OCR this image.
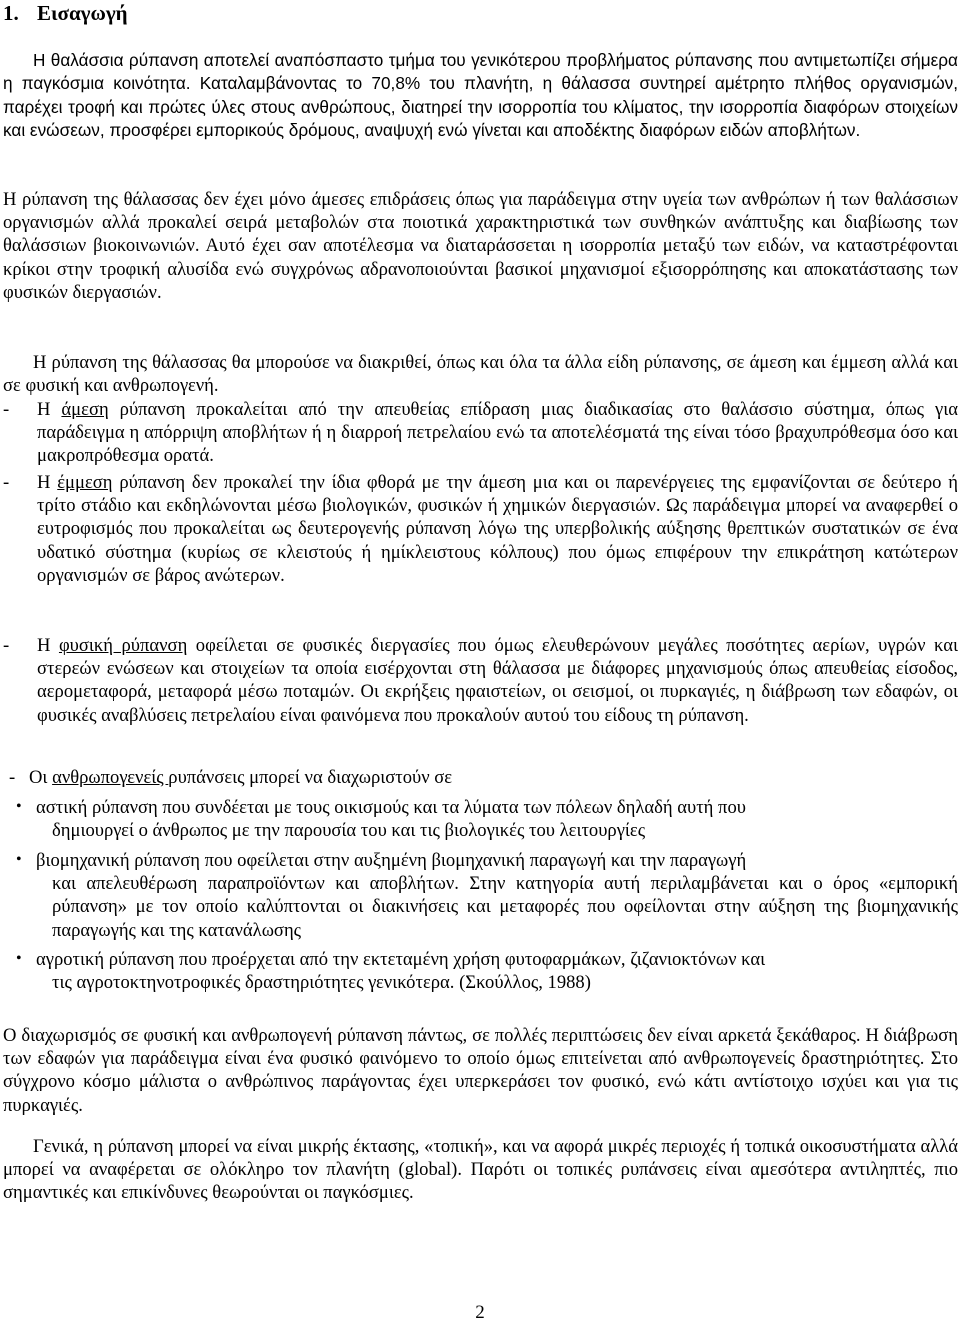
1. Εισαγωγή

Η θαλάσσια ρύπανση αποτελεί αναπόσπαστο τμήμα του γενικότερου προβλήματος ρύπανσης που αντιμετωπίζει σήμερα η παγκόσμια κοινότητα. Καταλαμβάνοντας το 70,8% του πλανήτη, η θάλασσα συντηρεί αμέτρητο πλήθος οργανισμών, παρέχει τροφή και πρώτες ύλες στους ανθρώπους, διατηρεί την ισορροπία του κλίματος, την ισορροπία διαφόρων στοιχείων και ενώσεων, προσφέρει εμπορικούς δρόμους, αναψυχή ενώ γίνεται και αποδέκτης διαφόρων ειδών αποβλήτων.

Η ρύπανση της θάλασσας δεν έχει μόνο άμεσες επιδράσεις όπως για παράδειγμα στην υγεία των ανθρώπων ή των θαλάσσιων οργανισμών αλλά προκαλεί σειρά μεταβολών στα ποιοτικά χαρακτηριστικά των συνθηκών ανάπτυξης και διαβίωσης των θαλάσσιων βιοκοινωνιών. Αυτό έχει σαν αποτέλεσμα να διαταράσσεται η ισορροπία μεταξύ των ειδών, να καταστρέφονται κρίκοι στην τροφική αλυσίδα ενώ συγχρόνως αδρανοποιούνται βασικοί μηχανισμοί εξισορρόπησης και αποκατάστασης των φυσικών διεργασιών.

Η ρύπανση της θάλασσας θα μπορούσε να διακριθεί, όπως και όλα τα άλλα είδη ρύπανσης, σε άμεση και έμμεση αλλά και σε φυσική και ανθρωπογενή.

- Η άμεση ρύπανση προκαλείται από την απευθείας επίδραση μιας διαδικασίας στο θαλάσσιο σύστημα, όπως για παράδειγμα η απόρριψη αποβλήτων ή η διαρροή πετρελαίου ενώ τα αποτελέσματά της είναι τόσο βραχυπρόθεσμα όσο και μακροπρόθεσμα ορατά.
- Η έμμεση ρύπανση δεν προκαλεί την ίδια φθορά με την άμεση μια και οι παρενέργειες της εμφανίζονται σε δεύτερο ή τρίτο στάδιο και εκδηλώνονται μέσω βιολογικών, φυσικών ή χημικών διεργασιών. Ως παράδειγμα μπορεί να αναφερθεί ο ευτροφισμός που προκαλείται ως δευτερογενής ρύπανση λόγω της υπερβολικής αύξησης θρεπτικών συστατικών σε ένα υδατικό σύστημα (κυρίως σε κλειστούς ή ημίκλειστους κόλπους) που όμως επιφέρουν την επικράτηση κατώτερων οργανισμών σε βάρος ανώτερων.
- Η φυσική ρύπανση οφείλεται σε φυσικές διεργασίες που όμως ελευθερώνουν μεγάλες ποσότητες αερίων, υγρών και στερεών ενώσεων και στοιχείων τα οποία εισέρχονται στη θάλασσα με διάφορες μηχανισμούς όπως απευθείας είσοδος, αερομεταφορά, μεταφορά μέσω ποταμών. Οι εκρήξεις ηφαιστείων, οι σεισμοί, οι πυρκαγιές, η διάβρωση των εδαφών, οι φυσικές αναβλύσεις πετρελαίου είναι φαινόμενα που προκαλούν αυτού του είδους τη ρύπανση.
- Οι ανθρωπογενείς ρυπάνσεις μπορεί να διαχωριστούν σε
• αστική ρύπανση που συνδέεται με τους οικισμούς και τα λύματα των πόλεων δηλαδή αυτή που
δημιουργεί ο άνθρωπος με την παρουσία του και τις βιολογικές του λειτουργίες
• βιομηχανική ρύπανση που οφείλεται στην αυξημένη βιομηχανική παραγωγή και την παραγωγή
και απελευθέρωση παραπροϊόντων και αποβλήτων. Στην κατηγορία αυτή περιλαμβάνεται και ο όρος «εμπορική ρύπανση» με τον οποίο καλύπτονται οι διακινήσεις και μεταφορές που οφείλονται στην αύξηση της βιομηχανικής παραγωγής και της κατανάλωσης
• αγροτική ρύπανση που προέρχεται από την εκτεταμένη χρήση φυτοφαρμάκων, ζιζανιοκτόνων και
τις αγροτοκτηνοτροφικές δραστηριότητες γενικότερα. (Σκούλλος, 1988)

Ο διαχωρισμός σε φυσική και ανθρωπογενή ρύπανση πάντως, σε πολλές περιπτώσεις δεν είναι αρκετά ξεκάθαρος. Η διάβρωση των εδαφών για παράδειγμα είναι ένα φυσικό φαινόμενο το οποίο όμως επιτείνεται από ανθρωπογενείς δραστηριότητες. Στο σύγχρονο κόσμο μάλιστα ο ανθρώπινος παράγοντας έχει υπερκεράσει τον φυσικό, ενώ κάτι αντίστοιχο ισχύει και για τις πυρκαγιές.

Γενικά, η ρύπανση μπορεί να είναι μικρής έκτασης, «τοπική», και να αφορά μικρές περιοχές ή τοπικά οικοσυστήματα αλλά μπορεί να αναφέρεται σε ολόκληρο τον πλανήτη (global). Παρότι οι τοπικές ρυπάνσεις είναι αμεσότερα αντιληπτές, πιο σημαντικές και επικίνδυνες θεωρούνται οι παγκόσμιες.

2
